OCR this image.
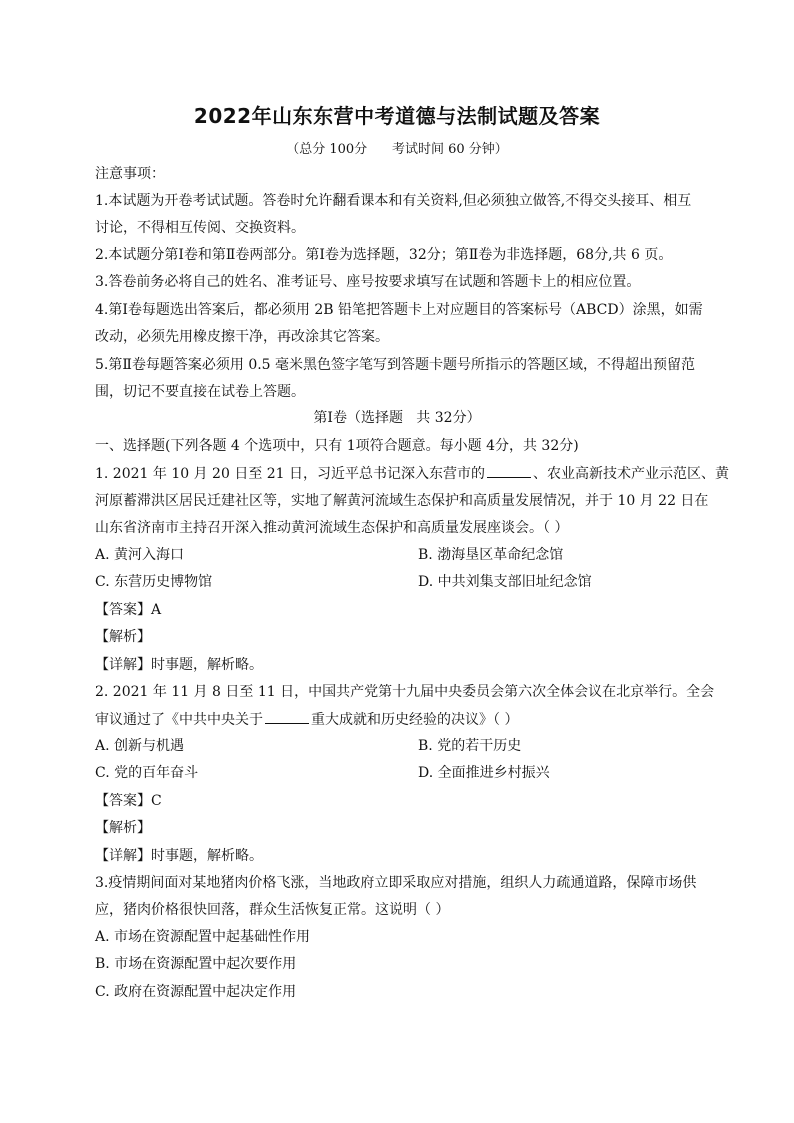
2022年山东东营中考道德与法制试题及答案
（总分 100分      考试时间 60 分钟）
注意事项：
1.本试题为开卷考试试题。答卷时允许翻看课本和有关资料,但必须独立做答,不得交头接耳、相互
讨论，不得相互传阅、交换资料。
2.本试题分第Ⅰ卷和第Ⅱ卷两部分。第Ⅰ卷为选择题，32分；第Ⅱ卷为非选择题，68分,共 6 页。
3.答卷前务必将自己的姓名、准考证号、座号按要求填写在试题和答题卡上的相应位置。
4.第Ⅰ卷每题选出答案后，都必须用 2B 铅笔把答题卡上对应题目的答案标号（ABCD）涂黑，如需
改动，必须先用橡皮擦干净，再改涂其它答案。
5.第Ⅱ卷每题答案必须用 0.5 毫米黑色签字笔写到答题卡题号所指示的答题区域，不得超出预留范
围，切记不要直接在试卷上答题。
第Ⅰ卷（选择题   共 32分）
一、选择题(下列各题 4 个选项中，只有 1项符合题意。每小题 4分，共 32分)
1. 2021 年 10 月 20 日至 21 日，习近平总书记深入东营市的	、农业高新技术产业示范区、黄
河原蓄滞洪区居民迁建社区等，实地了解黄河流域生态保护和高质量发展情况，并于 10 月 22 日在
山东省济南市主持召开深入推动黄河流域生态保护和高质量发展座谈会。（ ）
A. 黄河入海口	B. 渤海垦区革命纪念馆
C. 东营历史博物馆	D. 中共刘集支部旧址纪念馆
【答案】A
【解析】
【详解】时事题，解析略。
2. 2021 年 11 月 8 日至 11 日，中国共产党第十九届中央委员会第六次全体会议在北京举行。全会
审议通过了《中共中央关于	重大成就和历史经验的决议》（ ）
A. 创新与机遇	B. 党的若干历史
C. 党的百年奋斗	D. 全面推进乡村振兴
【答案】C
【解析】
【详解】时事题，解析略。
3.疫情期间面对某地猪肉价格飞涨，当地政府立即采取应对措施，组织人力疏通道路，保障市场供
应，猪肉价格很快回落，群众生活恢复正常。这说明（ ）
A. 市场在资源配置中起基础性作用
B. 市场在资源配置中起次要作用
C. 政府在资源配置中起决定作用
